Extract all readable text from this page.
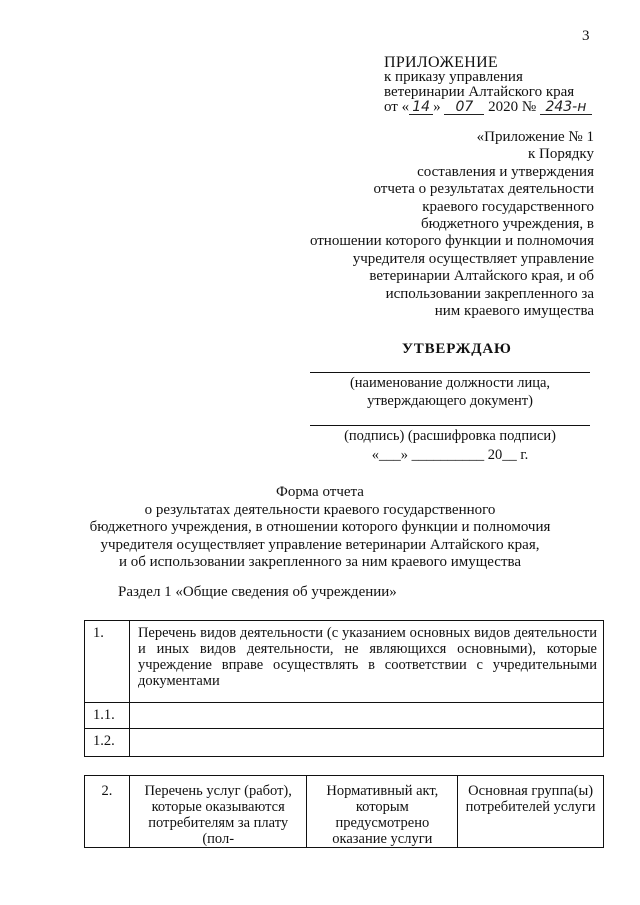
3
ПРИЛОЖЕНИЕ
к приказу управления
ветеринарии Алтайского края
от « 14 » 07 2020 № 243-н
«Приложение № 1
к Порядку
составления и утверждения
отчета о результатах деятельности
краевого государственного
бюджетного учреждения, в
отношении которого функции и полномочия
учредителя осуществляет управление
ветеринарии Алтайского края, и об
использовании закрепленного за
ним краевого имущества
УТВЕРЖДАЮ
(наименование должности лица,
утверждающего документ)
(подпись) (расшифровка подписи)
«___» __________ 20__ г.
Форма отчета
о результатах деятельности краевого государственного
бюджетного учреждения, в отношении которого функции и полномочия
учредителя осуществляет управление ветеринарии Алтайского края,
и об использовании закрепленного за ним краевого имущества
Раздел 1 «Общие сведения об учреждении»
1.	Перечень видов деятельности (с указанием основных видов деятельности и иных видов деятельности, не являющихся основными), которые учреждение вправе осуществлять в соответствии с учредительными документами
1.1.	
1.2.	
2.	Перечень услуг (работ), которые оказываются потребителям за плату (пол-	Нормативный акт, которым предусмотрено оказание услуги	Основная группа(ы) потребителей услуги
